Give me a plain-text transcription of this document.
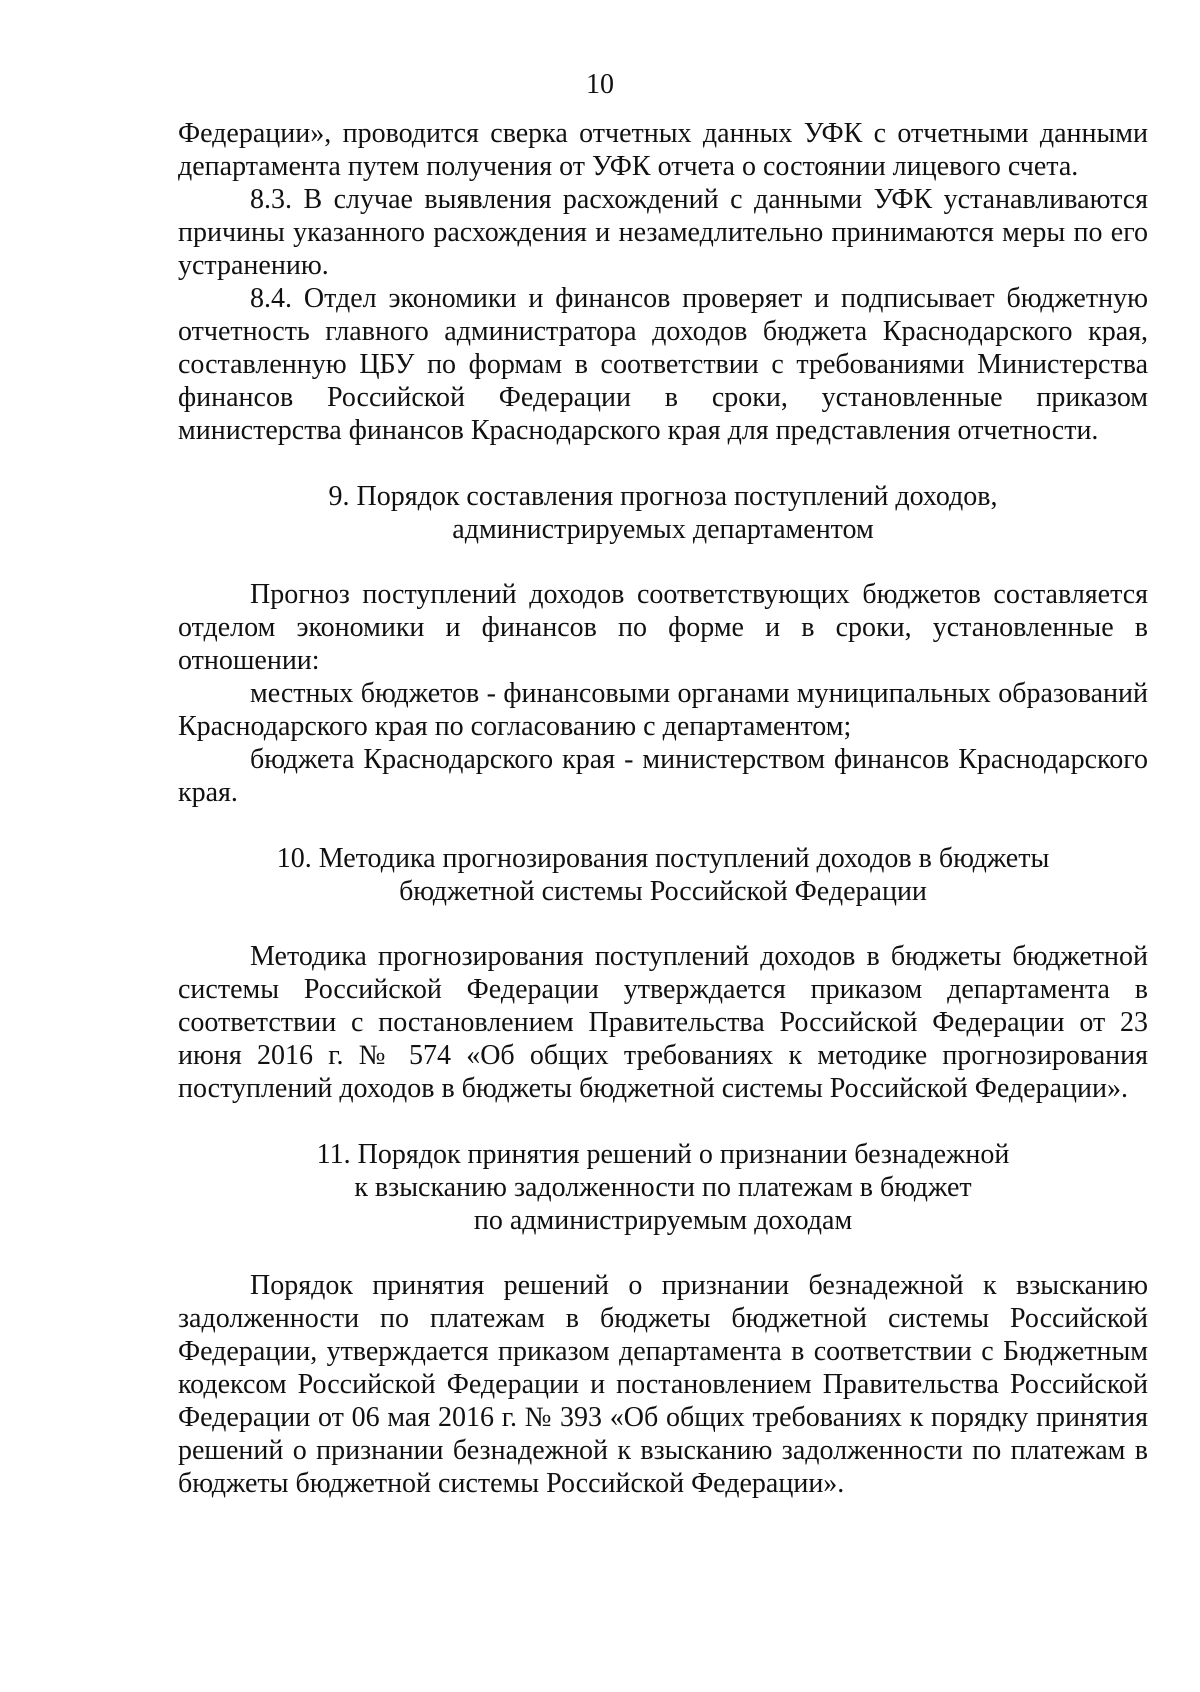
10

Федерации», проводится сверка отчетных данных УФК с отчетными данными департамента путем получения от УФК отчета о состоянии лицевого счета.

8.3. В случае выявления расхождений с данными УФК устанавливаются причины указанного расхождения и незамедлительно принимаются меры по его устранению.

8.4. Отдел экономики и финансов проверяет и подписывает бюджетную отчетность главного администратора доходов бюджета Краснодарского края, составленную ЦБУ по формам в соответствии с требованиями Министерства финансов Российской Федерации в сроки, установленные приказом министерства финансов Краснодарского края для представления отчетности.

9. Порядок составления прогноза поступлений доходов,
администрируемых департаментом

Прогноз поступлений доходов соответствующих бюджетов составляется отделом экономики и финансов по форме и в сроки, установленные в отношении:

местных бюджетов - финансовыми органами муниципальных образований Краснодарского края по согласованию с департаментом;

бюджета Краснодарского края - министерством финансов Краснодарского края.

10. Методика прогнозирования поступлений доходов в бюджеты
бюджетной системы Российской Федерации

Методика прогнозирования поступлений доходов в бюджеты бюджетной системы Российской Федерации утверждается приказом департамента в соответствии с постановлением Правительства Российской Федерации от 23 июня 2016 г. № 574 «Об общих требованиях к методике прогнозирования поступлений доходов в бюджеты бюджетной системы Российской Федерации».

11. Порядок принятия решений о признании безнадежной
к взысканию задолженности по платежам в бюджет
по администрируемым доходам

Порядок принятия решений о признании безнадежной к взысканию задолженности по платежам в бюджеты бюджетной системы Российской Федерации, утверждается приказом департамента в соответствии с Бюджетным кодексом Российской Федерации и постановлением Правительства Российской Федерации от 06 мая 2016 г. № 393 «Об общих требованиях к порядку принятия решений о признании безнадежной к взысканию задолженности по платежам в бюджеты бюджетной системы Российской Федерации».
